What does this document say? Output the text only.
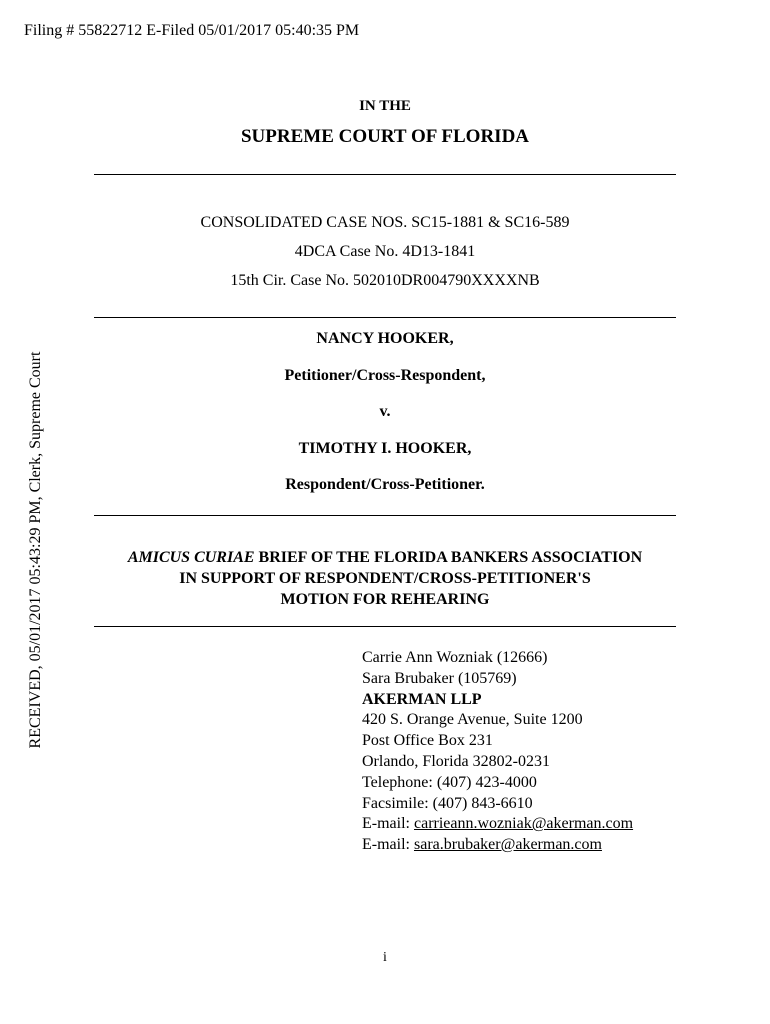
Filing # 55822712 E-Filed 05/01/2017 05:40:35 PM
RECEIVED, 05/01/2017 05:43:29 PM, Clerk, Supreme Court
IN THE
SUPREME COURT OF FLORIDA
CONSOLIDATED CASE NOS. SC15-1881 & SC16-589
4DCA Case No. 4D13-1841
15th Cir. Case No. 502010DR004790XXXXNB
NANCY HOOKER,
Petitioner/Cross-Respondent,
v.
TIMOTHY I. HOOKER,
Respondent/Cross-Petitioner.
AMICUS CURIAE BRIEF OF THE FLORIDA BANKERS ASSOCIATION
IN SUPPORT OF RESPONDENT/CROSS-PETITIONER'S
MOTION FOR REHEARING
Carrie Ann Wozniak (12666)
Sara Brubaker (105769)
AKERMAN LLP
420 S. Orange Avenue, Suite 1200
Post Office Box 231
Orlando, Florida 32802-0231
Telephone: (407) 423-4000
Facsimile: (407) 843-6610
E-mail: carrieann.wozniak@akerman.com
E-mail: sara.brubaker@akerman.com
i
